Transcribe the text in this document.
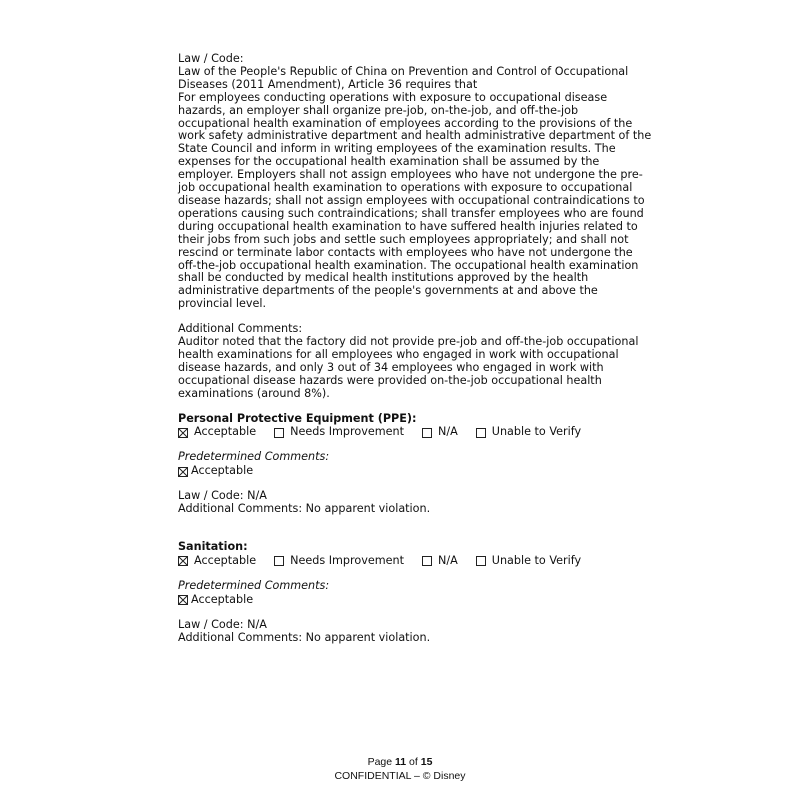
Law / Code:
Law of the People's Republic of China on Prevention and Control of Occupational
Diseases (2011 Amendment), Article 36 requires that
For employees conducting operations with exposure to occupational disease
hazards, an employer shall organize pre-job, on-the-job, and off-the-job
occupational health examination of employees according to the provisions of the
work safety administrative department and health administrative department of the
State Council and inform in writing employees of the examination results. The
expenses for the occupational health examination shall be assumed by the
employer. Employers shall not assign employees who have not undergone the pre-
job occupational health examination to operations with exposure to occupational
disease hazards; shall not assign employees with occupational contraindications to
operations causing such contraindications; shall transfer employees who are found
during occupational health examination to have suffered health injuries related to
their jobs from such jobs and settle such employees appropriately; and shall not
rescind or terminate labor contacts with employees who have not undergone the
off-the-job occupational health examination. The occupational health examination
shall be conducted by medical health institutions approved by the health
administrative departments of the people's governments at and above the
provincial level.
Additional Comments:
Auditor noted that the factory did not provide pre-job and off-the-job occupational
health examinations for all employees who engaged in work with occupational
disease hazards, and only 3 out of 34 employees who engaged in work with
occupational disease hazards were provided on-the-job occupational health
examinations (around 8%).
Personal Protective Equipment (PPE):
Acceptable	Needs Improvement	N/A	Unable to Verify
Predetermined Comments:
Acceptable
Law / Code: N/A
Additional Comments: No apparent violation.
Sanitation:
Acceptable	Needs Improvement	N/A	Unable to Verify
Predetermined Comments:
Acceptable
Law / Code: N/A
Additional Comments: No apparent violation.
Page 11 of 15
CONFIDENTIAL – © Disney
